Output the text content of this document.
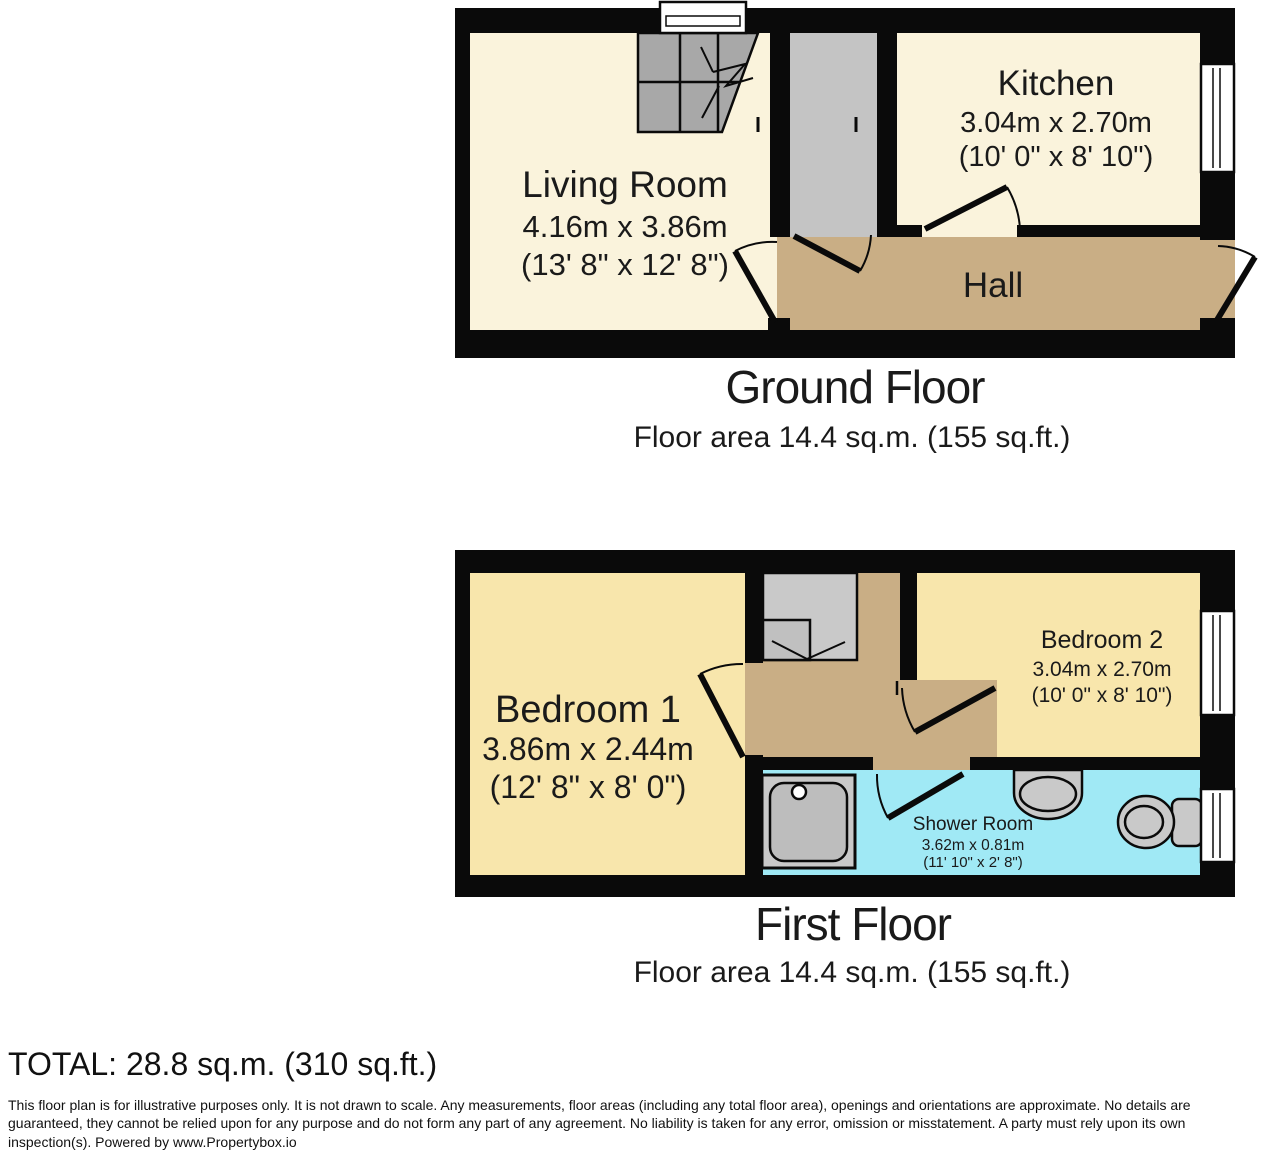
Living Room
4.16m x 3.86m
(13' 8" x 12' 8")
Kitchen
3.04m x 2.70m
(10' 0" x 8' 10")
Hall
Ground Floor
Floor area 14.4 sq.m. (155 sq.ft.)
Bedroom 1
3.86m x 2.44m
(12' 8" x 8' 0")
Bedroom 2
3.04m x 2.70m
(10' 0" x 8' 10")
Shower Room
3.62m x 0.81m
(11' 10" x 2' 8")
First Floor
Floor area 14.4 sq.m. (155 sq.ft.)
TOTAL: 28.8 sq.m. (310 sq.ft.)
This floor plan is for illustrative purposes only. It is not drawn to scale. Any measurements, floor areas (including any total floor area), openings and orientations are approximate. No details are guaranteed, they cannot be relied upon for any purpose and do not form any part of any agreement. No liability is taken for any error, omission or misstatement. A party must rely upon its own inspection(s). Powered by www.Propertybox.io
